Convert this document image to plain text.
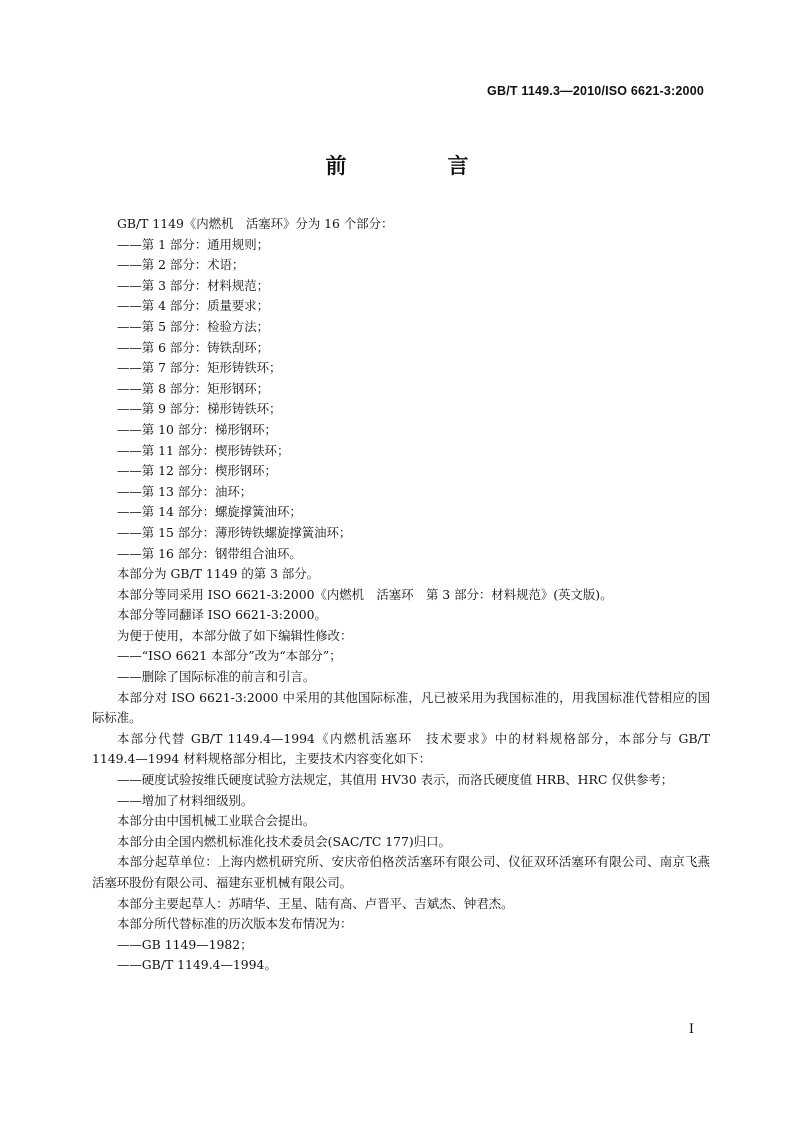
GB/T 1149.3—2010/ISO 6621-3:2000
前　言

GB/T 1149《内燃机　活塞环》分为 16 个部分：

——第 1 部分：通用规则；

——第 2 部分：术语；

——第 3 部分：材料规范；

——第 4 部分：质量要求；

——第 5 部分：检验方法；

——第 6 部分：铸铁刮环；

——第 7 部分：矩形铸铁环；

——第 8 部分：矩形钢环；

——第 9 部分：梯形铸铁环；

——第 10 部分：梯形钢环；

——第 11 部分：楔形铸铁环；

——第 12 部分：楔形钢环；

——第 13 部分：油环；

——第 14 部分：螺旋撑簧油环；

——第 15 部分：薄形铸铁螺旋撑簧油环；

——第 16 部分：钢带组合油环。

本部分为 GB/T 1149 的第 3 部分。

本部分等同采用 ISO 6621-3:2000《内燃机　活塞环　第 3 部分：材料规范》(英文版)。

本部分等同翻译 ISO 6621-3:2000。

为便于使用，本部分做了如下编辑性修改：

——“ISO 6621 本部分”改为“本部分”；

——删除了国际标准的前言和引言。

本部分对 ISO 6621-3:2000 中采用的其他国际标准，凡已被采用为我国标准的，用我国标准代替相应的国际标准。

本部分代替 GB/T 1149.4—1994《内燃机活塞环　技术要求》中的材料规格部分，本部分与 GB/T 1149.4—1994 材料规格部分相比，主要技术内容变化如下：

——硬度试验按维氏硬度试验方法规定，其值用 HV30 表示，而洛氏硬度值 HRB、HRC 仅供参考；

——增加了材料细级别。

本部分由中国机械工业联合会提出。

本部分由全国内燃机标准化技术委员会(SAC/TC 177)归口。

本部分起草单位：上海内燃机研究所、安庆帝伯格茨活塞环有限公司、仪征双环活塞环有限公司、南京飞燕活塞环股份有限公司、福建东亚机械有限公司。

本部分主要起草人：苏晴华、王星、陆有高、卢晋平、吉斌杰、钟君杰。

本部分所代替标准的历次版本发布情况为：

——GB 1149—1982；

——GB/T 1149.4—1994。

I
